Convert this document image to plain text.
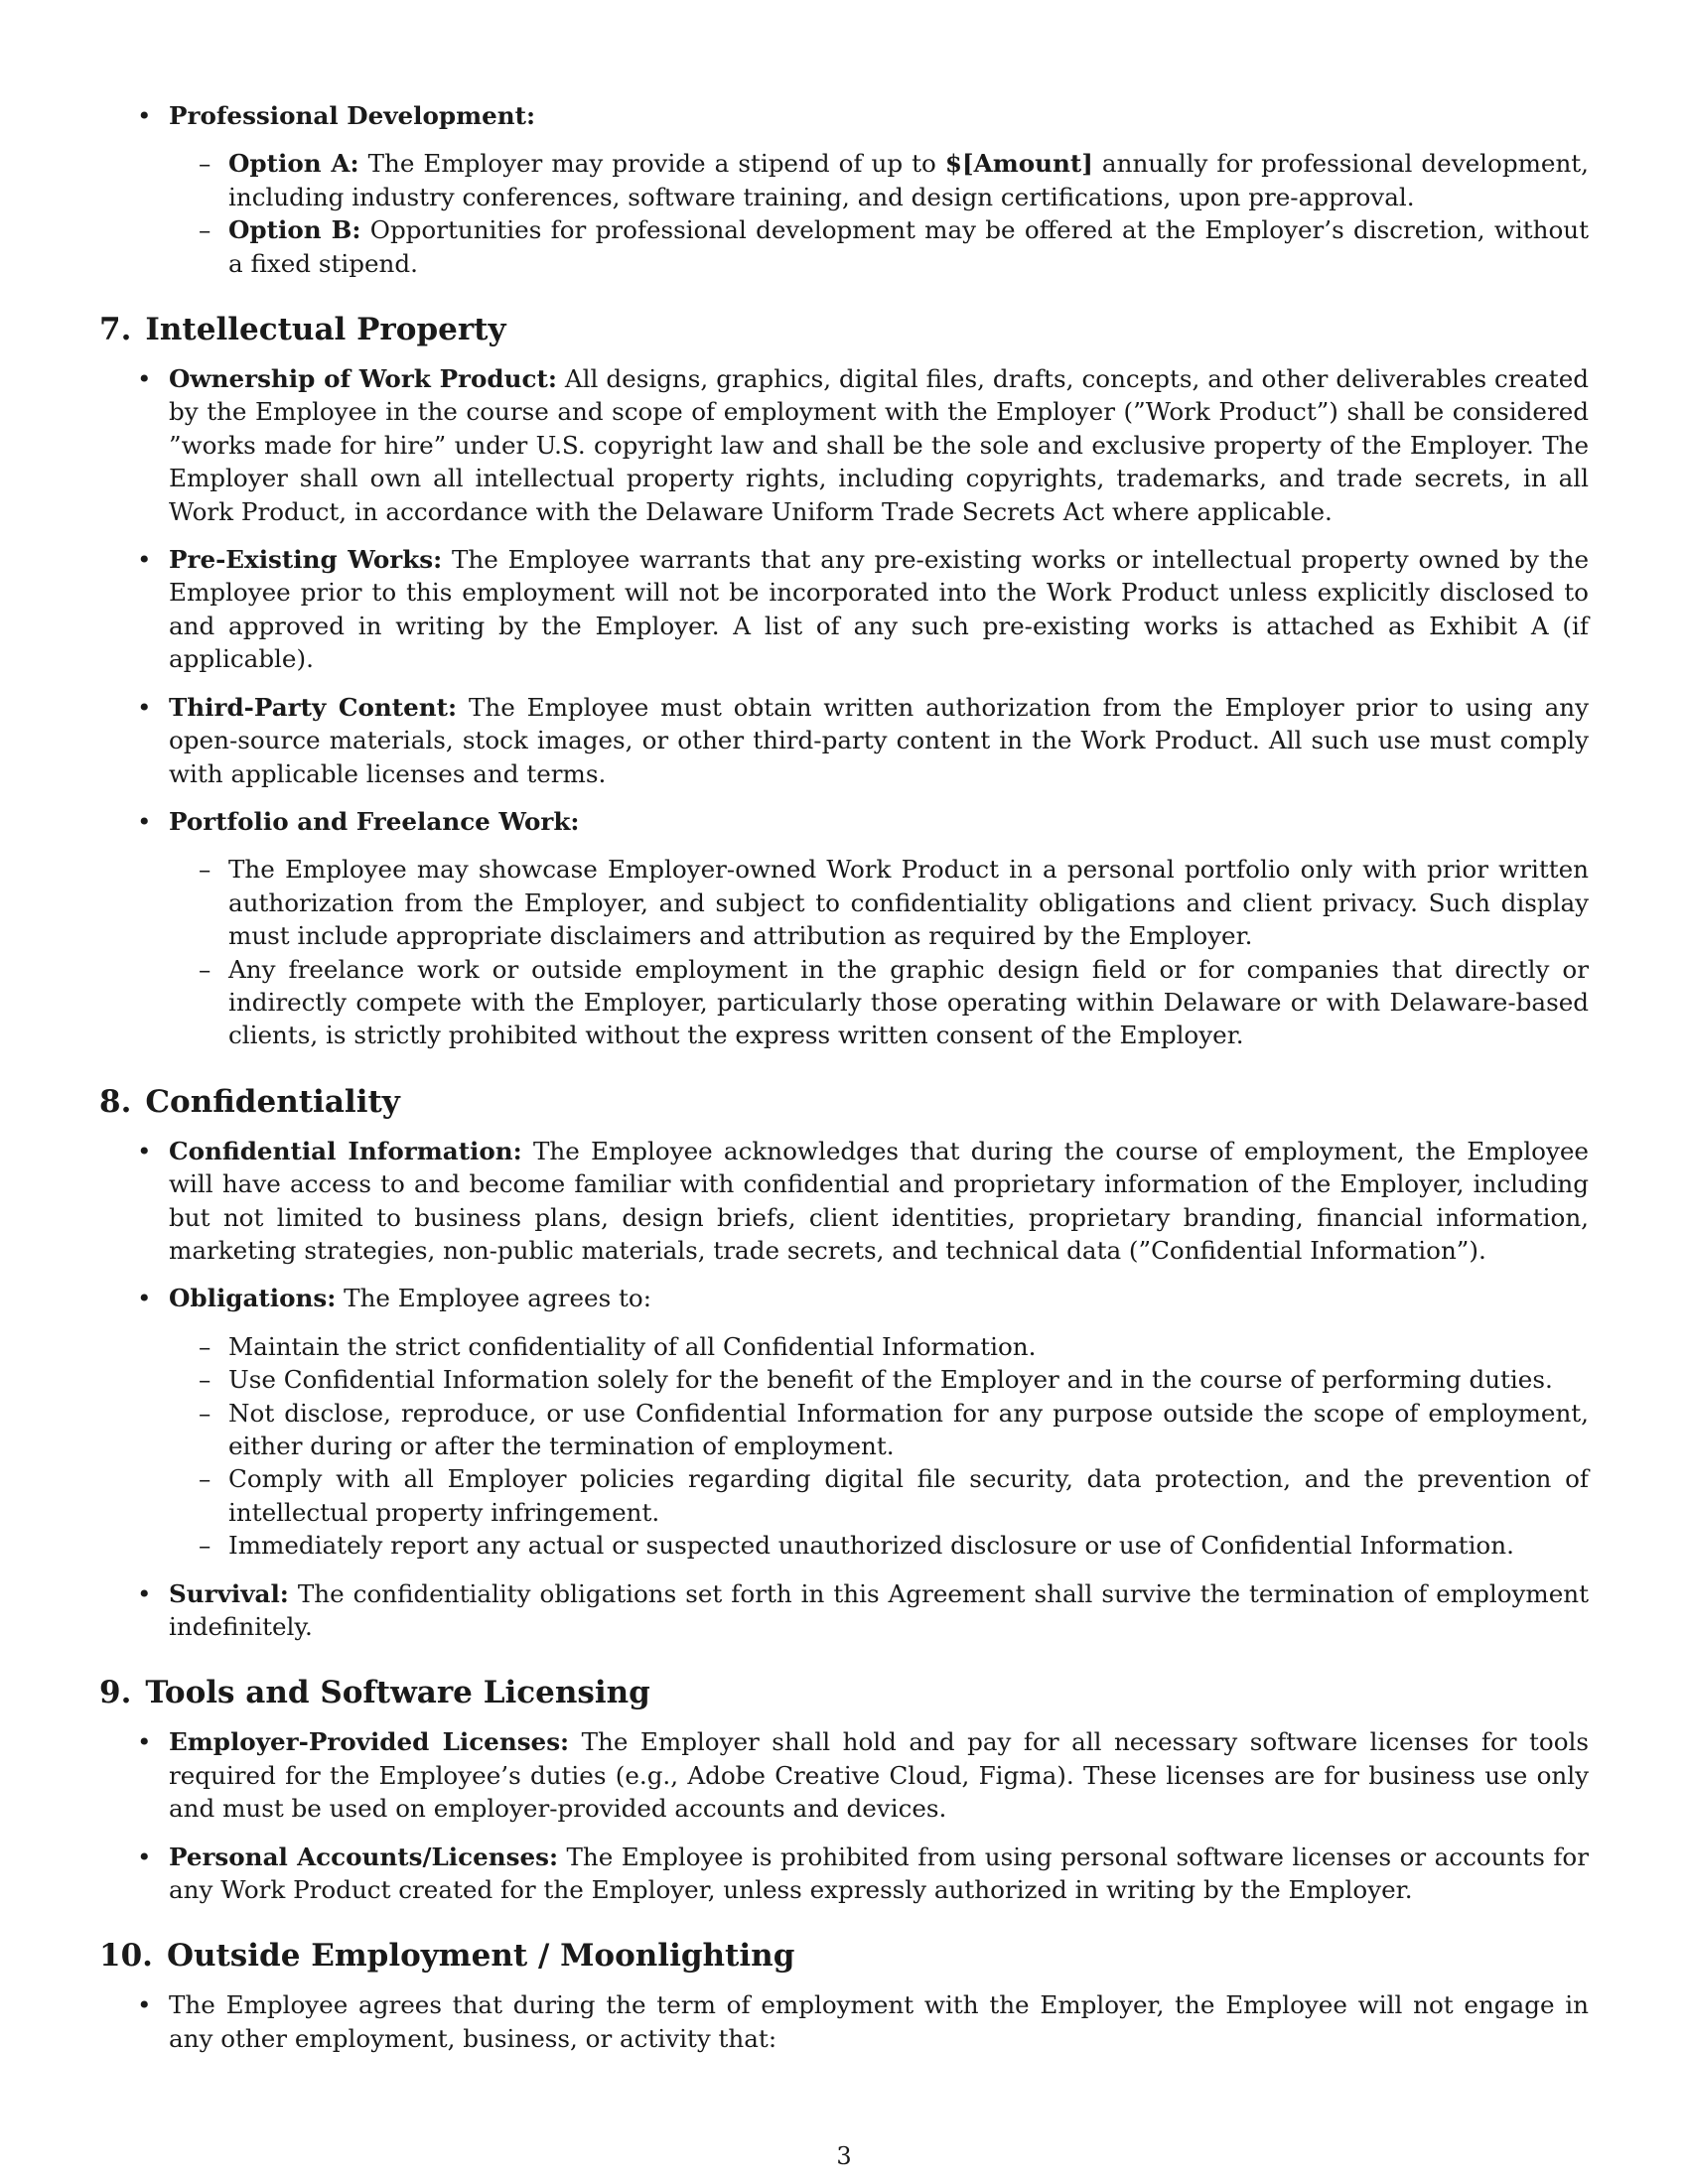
• Professional Development:
– Option A: The Employer may provide a stipend of up to $[Amount] annually for professional development, including industry conferences, software training, and design certifications, upon pre-approval.
– Option B: Opportunities for professional development may be offered at the Employer’s discretion, without a fixed stipend.
7. Intellectual Property
• Ownership of Work Product: All designs, graphics, digital files, drafts, concepts, and other deliverables created by the Employee in the course and scope of employment with the Employer (”Work Product”) shall be considered ”works made for hire” under U.S. copyright law and shall be the sole and exclusive property of the Employer. The Employer shall own all intellectual property rights, including copyrights, trademarks, and trade secrets, in all Work Product, in accordance with the Delaware Uniform Trade Secrets Act where applicable.
• Pre-Existing Works: The Employee warrants that any pre-existing works or intellectual property owned by the Employee prior to this employment will not be incorporated into the Work Product unless explicitly disclosed to and approved in writing by the Employer. A list of any such pre-existing works is attached as Exhibit A (if applicable).
• Third-Party Content: The Employee must obtain written authorization from the Employer prior to using any open-source materials, stock images, or other third-party content in the Work Product. All such use must comply with applicable licenses and terms.
• Portfolio and Freelance Work:
– The Employee may showcase Employer-owned Work Product in a personal portfolio only with prior written authorization from the Employer, and subject to confidentiality obligations and client privacy. Such display must include appropriate disclaimers and attribution as required by the Employer.
– Any freelance work or outside employment in the graphic design field or for companies that directly or indirectly compete with the Employer, particularly those operating within Delaware or with Delaware-based clients, is strictly prohibited without the express written consent of the Employer.
8. Confidentiality
• Confidential Information: The Employee acknowledges that during the course of employment, the Employee will have access to and become familiar with confidential and proprietary information of the Employer, including but not limited to business plans, design briefs, client identities, proprietary branding, financial information, marketing strategies, non-public materials, trade secrets, and technical data (”Confidential Information”).
• Obligations: The Employee agrees to:
– Maintain the strict confidentiality of all Confidential Information.
– Use Confidential Information solely for the benefit of the Employer and in the course of performing duties.
– Not disclose, reproduce, or use Confidential Information for any purpose outside the scope of employment, either during or after the termination of employment.
– Comply with all Employer policies regarding digital file security, data protection, and the prevention of intellectual property infringement.
– Immediately report any actual or suspected unauthorized disclosure or use of Confidential Information.
• Survival: The confidentiality obligations set forth in this Agreement shall survive the termination of employment indefinitely.
9. Tools and Software Licensing
• Employer-Provided Licenses: The Employer shall hold and pay for all necessary software licenses for tools required for the Employee’s duties (e.g., Adobe Creative Cloud, Figma). These licenses are for business use only and must be used on employer-provided accounts and devices.
• Personal Accounts/Licenses: The Employee is prohibited from using personal software licenses or accounts for any Work Product created for the Employer, unless expressly authorized in writing by the Employer.
10. Outside Employment / Moonlighting
• The Employee agrees that during the term of employment with the Employer, the Employee will not engage in any other employment, business, or activity that:
3
